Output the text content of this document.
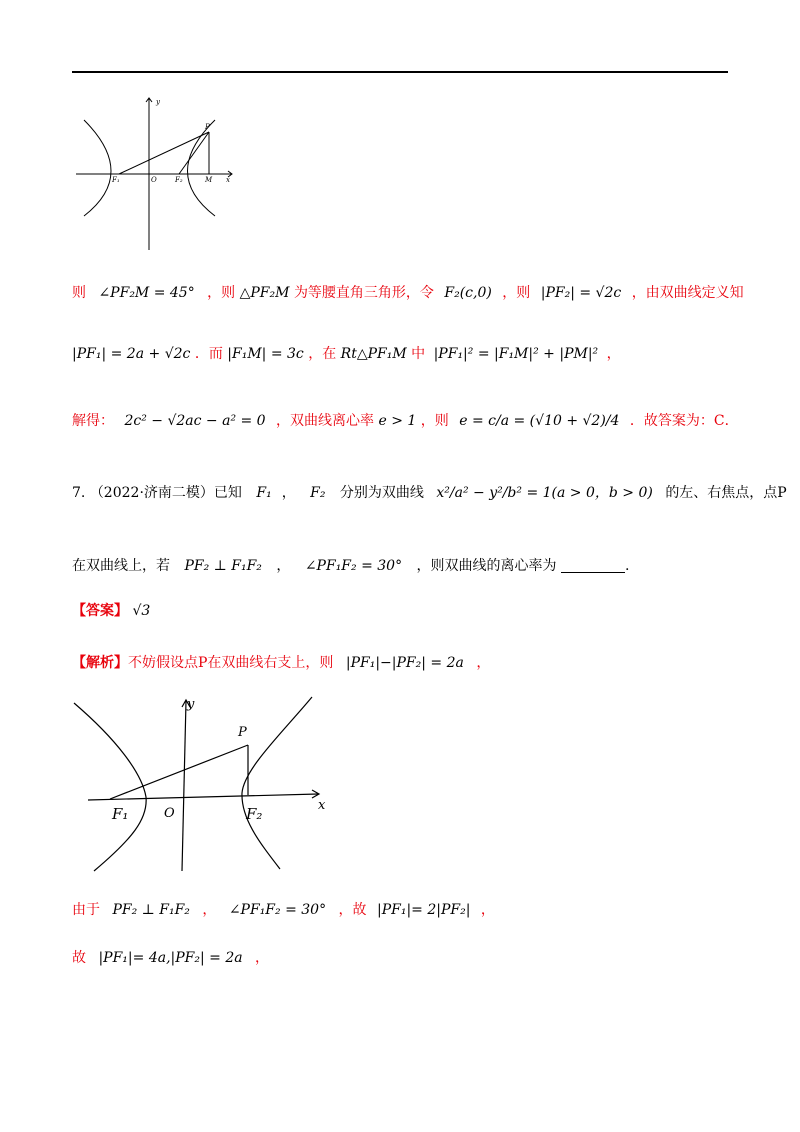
y
x
P
F₁	O	F₂	M
则 ∠PF₂M = 45° ，则 △PF₂M 为等腰直角三角形，令 F₂(c,0) ，则 |PF₂| = √2c ，由双曲线定义知
|PF₁| = 2a + √2c ．而 |F₁M| = 3c ，在 Rt△PF₁M 中 |PF₁|² = |F₁M|² + |PM|² ，
解得： 2c² − √2ac − a² = 0 ，双曲线离心率 e > 1 ，则 e = c/a = (√10 + √2)/4 ．故答案为：C．
7. （2022·济南二模）已知 F₁ ， F₂ 分别为双曲线 x²/a² − y²/b² = 1(a > 0，b > 0) 的左、右焦点，点P
在双曲线上，若 PF₂ ⊥ F₁F₂ ， ∠PF₁F₂ = 30° ，则双曲线的离心率为	.
【答案】 √3
【解析】不妨假设点P在双曲线右支上，则 |PF₁|−|PF₂| = 2a ，
y
x
P
F₁	O	F₂
由于 PF₂ ⊥ F₁F₂ ， ∠PF₁F₂ = 30° ，故 |PF₁|= 2|PF₂| ，
故 |PF₁|= 4a,|PF₂| = 2a ，
